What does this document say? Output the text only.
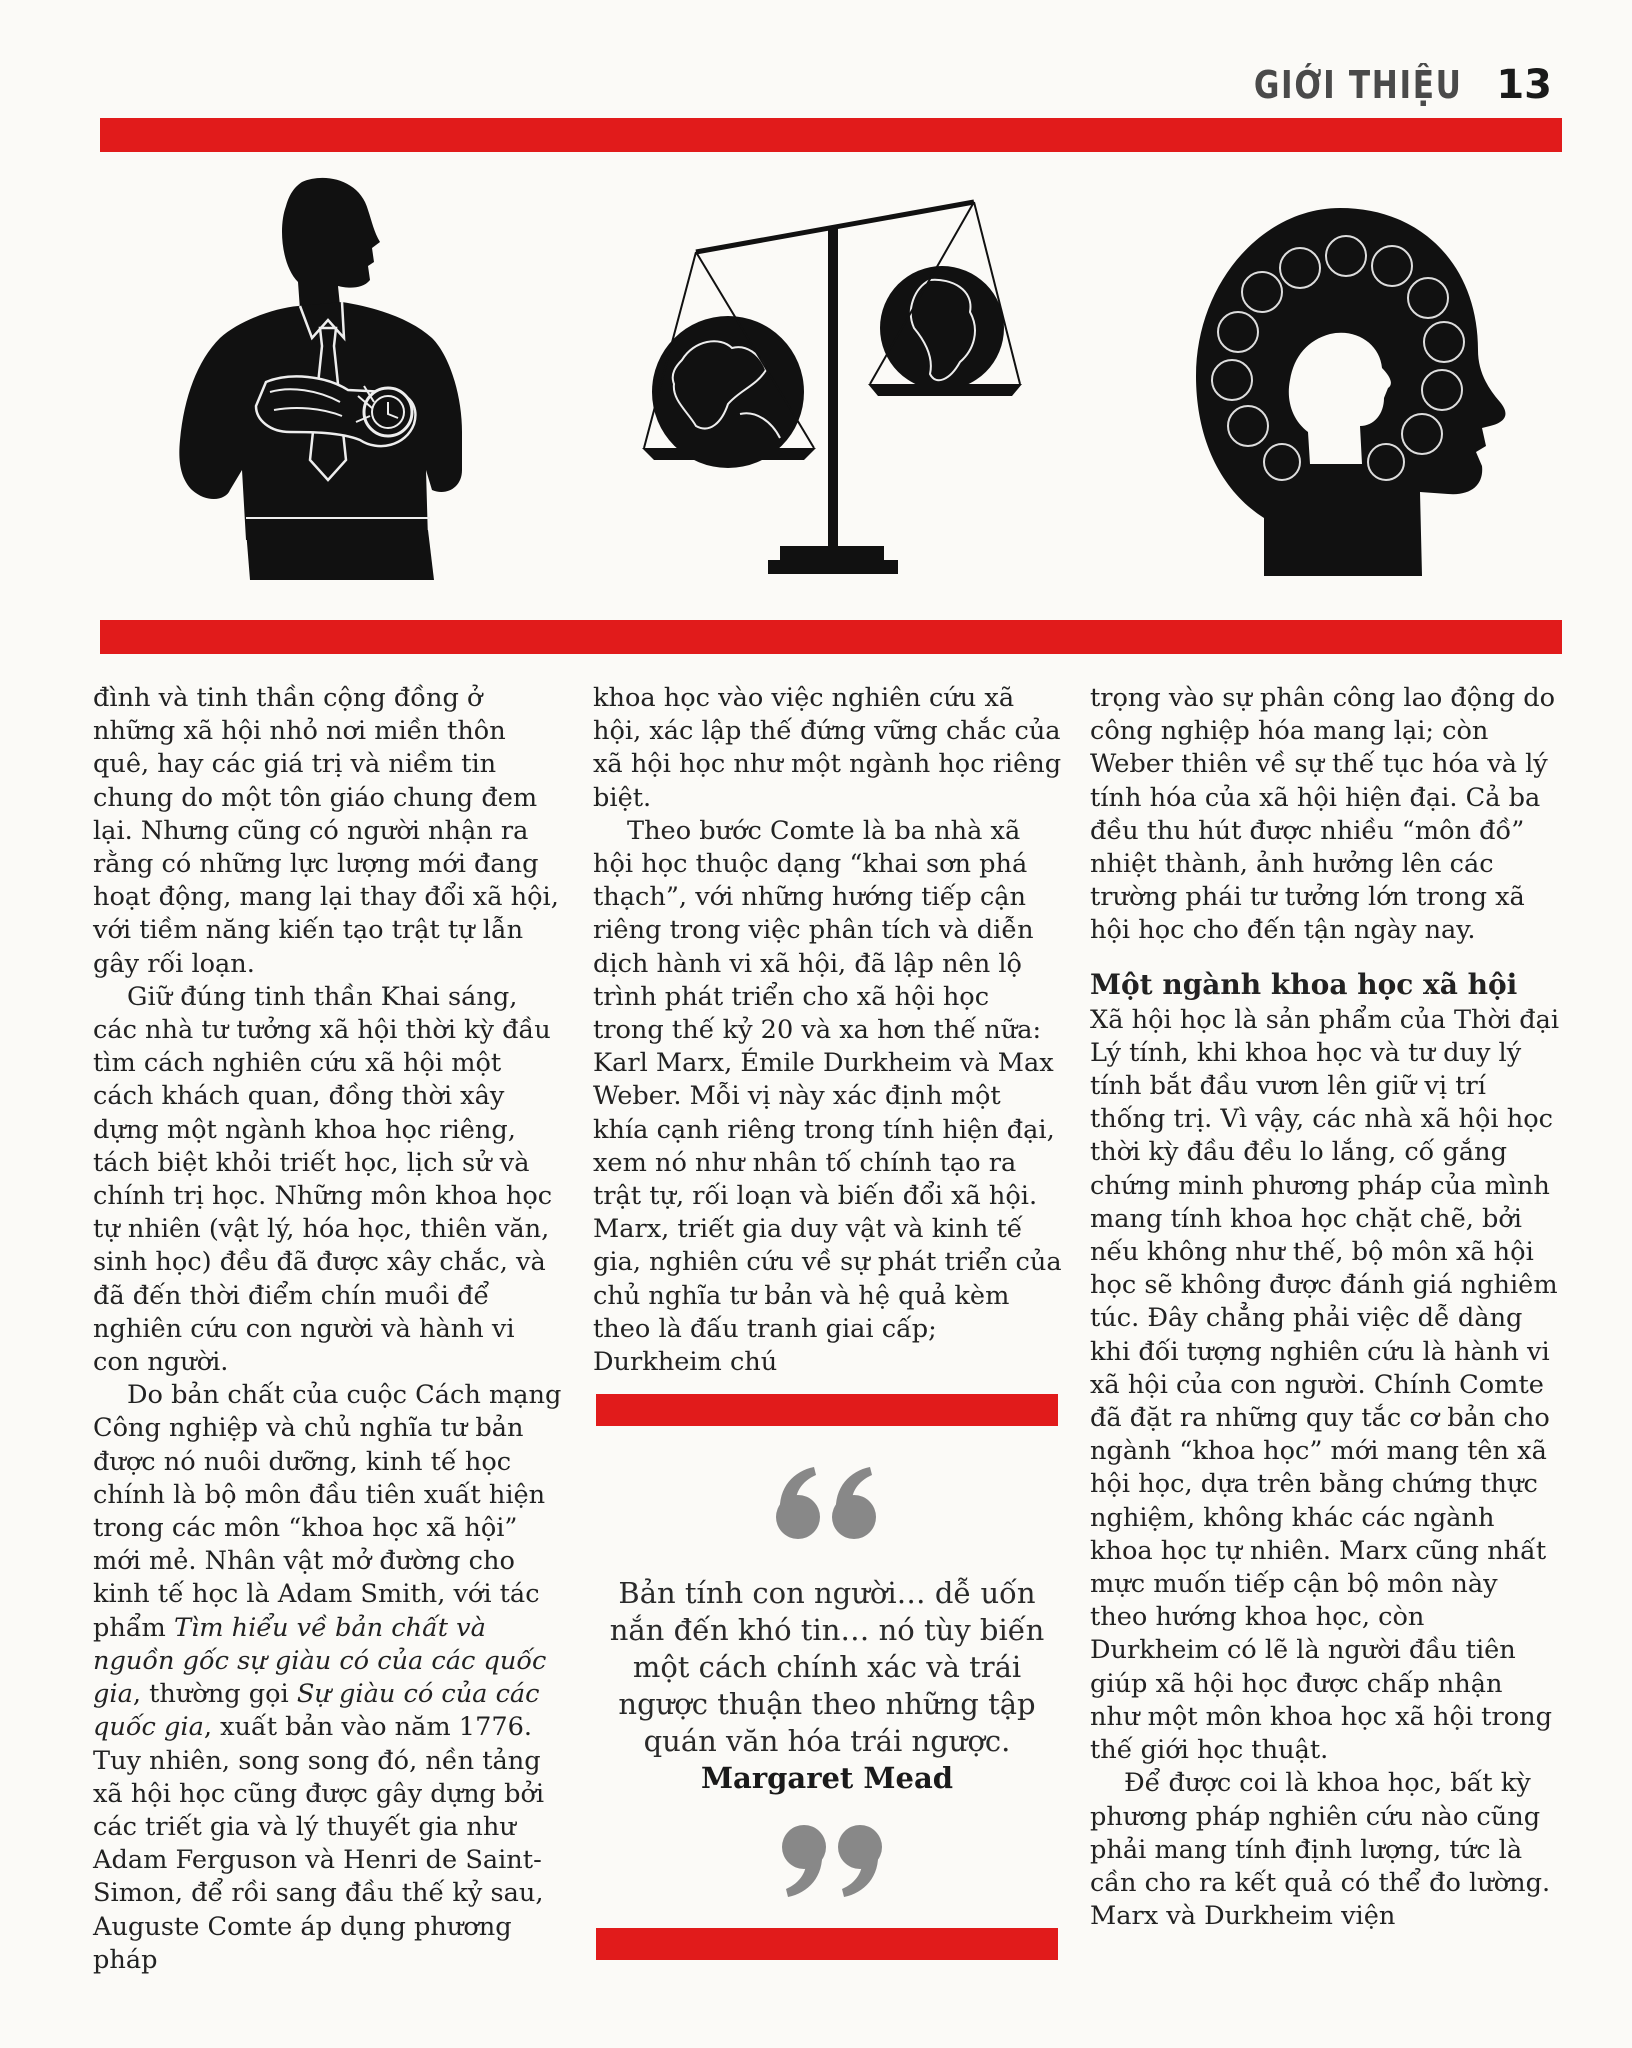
GIỚI THIỆU 13

đình và tinh thần cộng đồng ở những xã hội nhỏ nơi miền thôn quê, hay các giá trị và niềm tin chung do một tôn giáo chung đem lại. Nhưng cũng có người nhận ra rằng có những lực lượng mới đang hoạt động, mang lại thay đổi xã hội, với tiềm năng kiến tạo trật tự lẫn gây rối loạn.

Giữ đúng tinh thần Khai sáng, các nhà tư tưởng xã hội thời kỳ đầu tìm cách nghiên cứu xã hội một cách khách quan, đồng thời xây dựng một ngành khoa học riêng, tách biệt khỏi triết học, lịch sử và chính trị học. Những môn khoa học tự nhiên (vật lý, hóa học, thiên văn, sinh học) đều đã được xây chắc, và đã đến thời điểm chín muồi để nghiên cứu con người và hành vi con người.

Do bản chất của cuộc Cách mạng Công nghiệp và chủ nghĩa tư bản được nó nuôi dưỡng, kinh tế học chính là bộ môn đầu tiên xuất hiện trong các môn “khoa học xã hội” mới mẻ. Nhân vật mở đường cho kinh tế học là Adam Smith, với tác phẩm Tìm hiểu về bản chất và nguồn gốc sự giàu có của các quốc gia, thường gọi Sự giàu có của các quốc gia, xuất bản vào năm 1776. Tuy nhiên, song song đó, nền tảng xã hội học cũng được gây dựng bởi các triết gia và lý thuyết gia như Adam Ferguson và Henri de Saint-Simon, để rồi sang đầu thế kỷ sau, Auguste Comte áp dụng phương pháp

khoa học vào việc nghiên cứu xã hội, xác lập thế đứng vững chắc của xã hội học như một ngành học riêng biệt.

Theo bước Comte là ba nhà xã hội học thuộc dạng “khai sơn phá thạch”, với những hướng tiếp cận riêng trong việc phân tích và diễn dịch hành vi xã hội, đã lập nên lộ trình phát triển cho xã hội học trong thế kỷ 20 và xa hơn thế nữa: Karl Marx, Émile Durkheim và Max Weber. Mỗi vị này xác định một khía cạnh riêng trong tính hiện đại, xem nó như nhân tố chính tạo ra trật tự, rối loạn và biến đổi xã hội. Marx, triết gia duy vật và kinh tế gia, nghiên cứu về sự phát triển của chủ nghĩa tư bản và hệ quả kèm theo là đấu tranh giai cấp; Durkheim chú

Bản tính con người… dễ uốn nắn đến khó tin… nó tùy biến một cách chính xác và trái ngược thuận theo những tập quán văn hóa trái ngược.
Margaret Mead

trọng vào sự phân công lao động do công nghiệp hóa mang lại; còn Weber thiên về sự thế tục hóa và lý tính hóa của xã hội hiện đại. Cả ba đều thu hút được nhiều “môn đồ” nhiệt thành, ảnh hưởng lên các trường phái tư tưởng lớn trong xã hội học cho đến tận ngày nay.

Một ngành khoa học xã hội

Xã hội học là sản phẩm của Thời đại Lý tính, khi khoa học và tư duy lý tính bắt đầu vươn lên giữ vị trí thống trị. Vì vậy, các nhà xã hội học thời kỳ đầu đều lo lắng, cố gắng chứng minh phương pháp của mình mang tính khoa học chặt chẽ, bởi nếu không như thế, bộ môn xã hội học sẽ không được đánh giá nghiêm túc. Đây chẳng phải việc dễ dàng khi đối tượng nghiên cứu là hành vi xã hội của con người. Chính Comte đã đặt ra những quy tắc cơ bản cho ngành “khoa học” mới mang tên xã hội học, dựa trên bằng chứng thực nghiệm, không khác các ngành khoa học tự nhiên. Marx cũng nhất mực muốn tiếp cận bộ môn này theo hướng khoa học, còn Durkheim có lẽ là người đầu tiên giúp xã hội học được chấp nhận như một môn khoa học xã hội trong thế giới học thuật.

Để được coi là khoa học, bất kỳ phương pháp nghiên cứu nào cũng phải mang tính định lượng, tức là cần cho ra kết quả có thể đo lường. Marx và Durkheim viện
